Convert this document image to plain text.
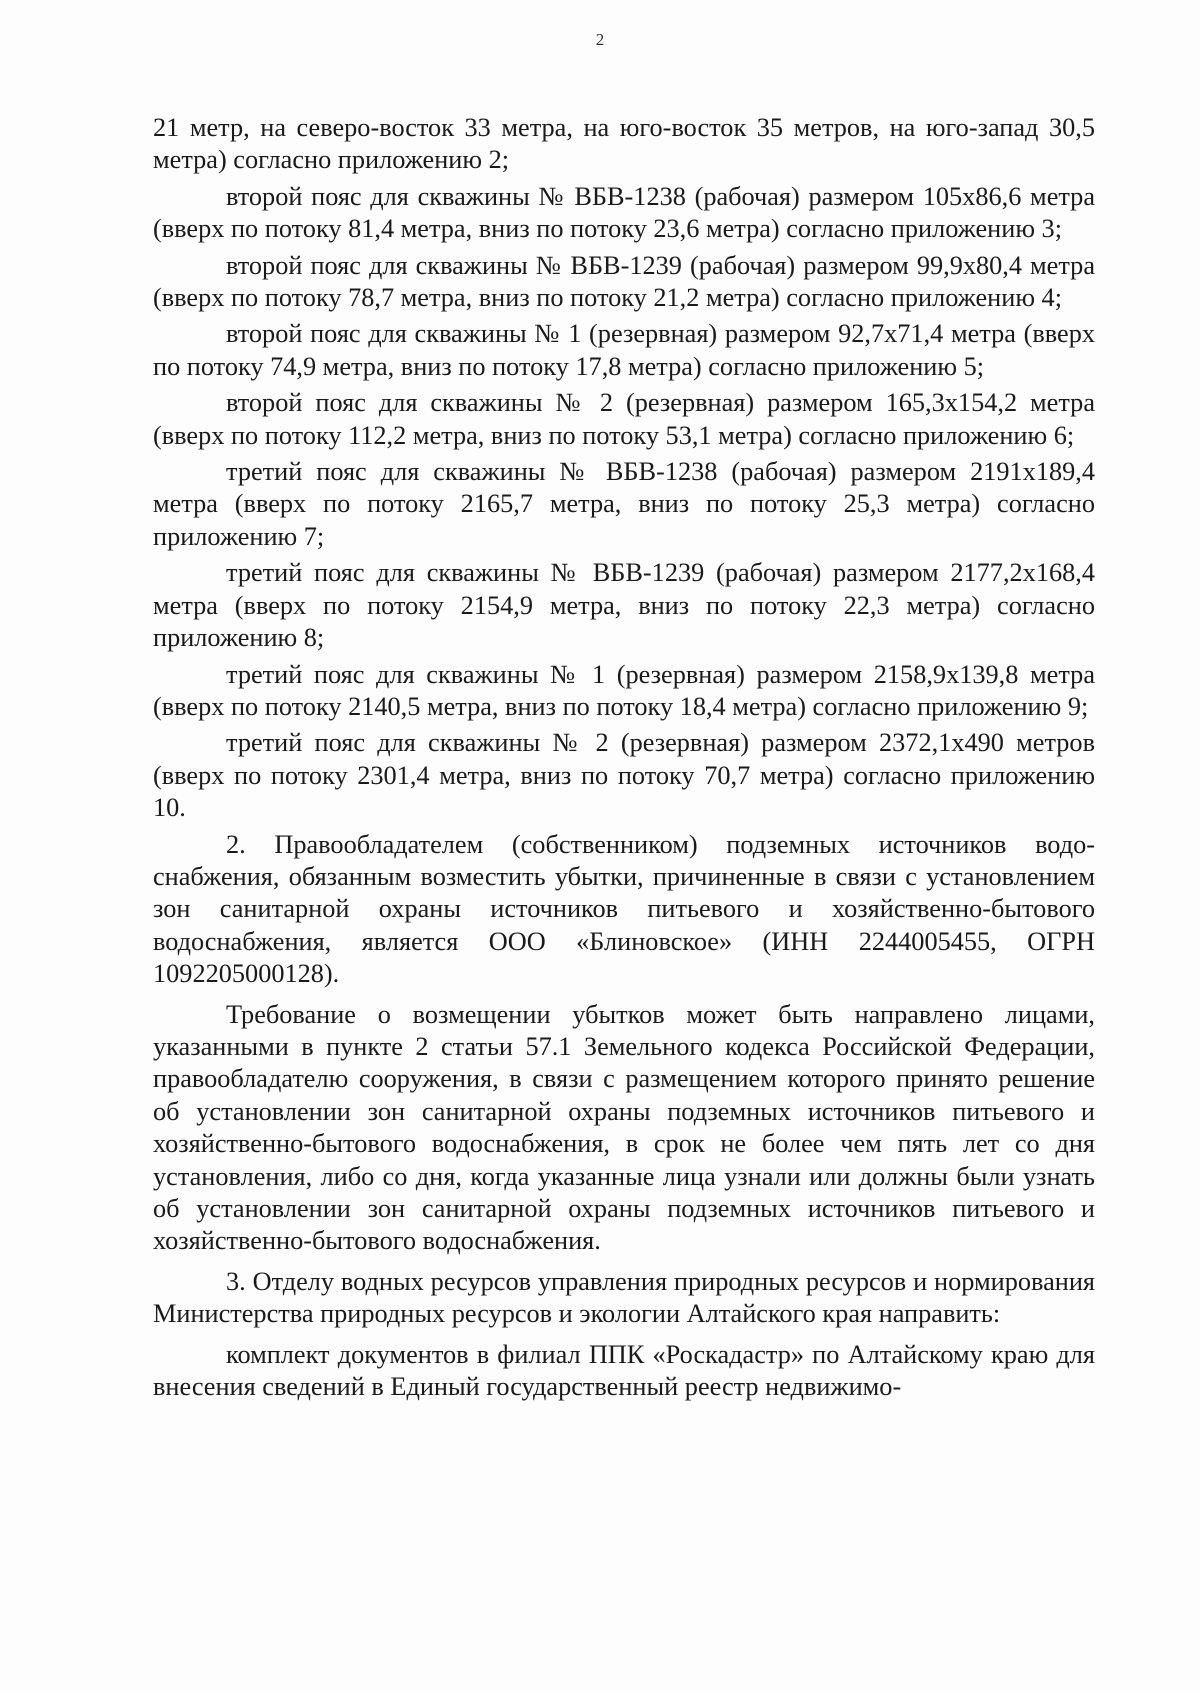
2

21 метр, на северо-восток 33 метра, на юго-восток 35 метров, на юго-запад 30,5 метра) согласно приложению 2;

второй пояс для скважины № ВБВ-1238 (рабочая) размером 105х86,6 метра (вверх по потоку 81,4 метра, вниз по потоку 23,6 метра) согласно приложению 3;

второй пояс для скважины № ВБВ-1239 (рабочая) размером 99,9х80,4 метра (вверх по потоку 78,7 метра, вниз по потоку 21,2 метра) согласно приложению 4;

второй пояс для скважины № 1 (резервная) размером 92,7х71,4 метра (вверх по потоку 74,9 метра, вниз по потоку 17,8 метра) согласно приложению 5;

второй пояс для скважины № 2 (резервная) размером 165,3х154,2 метра (вверх по потоку 112,2 метра, вниз по потоку 53,1 метра) согласно приложению 6;

третий пояс для скважины № ВБВ-1238 (рабочая) размером 2191х189,4 метра (вверх по потоку 2165,7 метра, вниз по потоку 25,3 метра) согласно приложению 7;

третий пояс для скважины № ВБВ-1239 (рабочая) размером 2177,2х168,4 метра (вверх по потоку 2154,9 метра, вниз по потоку 22,3 метра) согласно приложению 8;

третий пояс для скважины № 1 (резервная) размером 2158,9х139,8 метра (вверх по потоку 2140,5 метра, вниз по потоку 18,4 метра) согласно приложению 9;

третий пояс для скважины № 2 (резервная) размером 2372,1х490 метров (вверх по потоку 2301,4 метра, вниз по потоку 70,7 метра) согласно приложению 10.

2. Правообладателем (собственником) подземных источников водоснабжения, обязанным возместить убытки, причиненные в связи с установлением зон санитарной охраны источников питьевого и хозяйственно-бытового водоснабжения, является ООО «Блиновское» (ИНН 2244005455, ОГРН 1092205000128).

Требование о возмещении убытков может быть направлено лицами, указанными в пункте 2 статьи 57.1 Земельного кодекса Российской Федерации, правообладателю сооружения, в связи с размещением которого принято решение об установлении зон санитарной охраны подземных источников питьевого и хозяйственно-бытового водоснабжения, в срок не более чем пять лет со дня установления, либо со дня, когда указанные лица узнали или должны были узнать об установлении зон санитарной охраны подземных источников питьевого и хозяйственно-бытового водоснабжения.

3. Отделу водных ресурсов управления природных ресурсов и нормирования Министерства природных ресурсов и экологии Алтайского края направить:

комплект документов в филиал ППК «Роскадастр» по Алтайскому краю для внесения сведений в Единый государственный реестр недвижимо-
